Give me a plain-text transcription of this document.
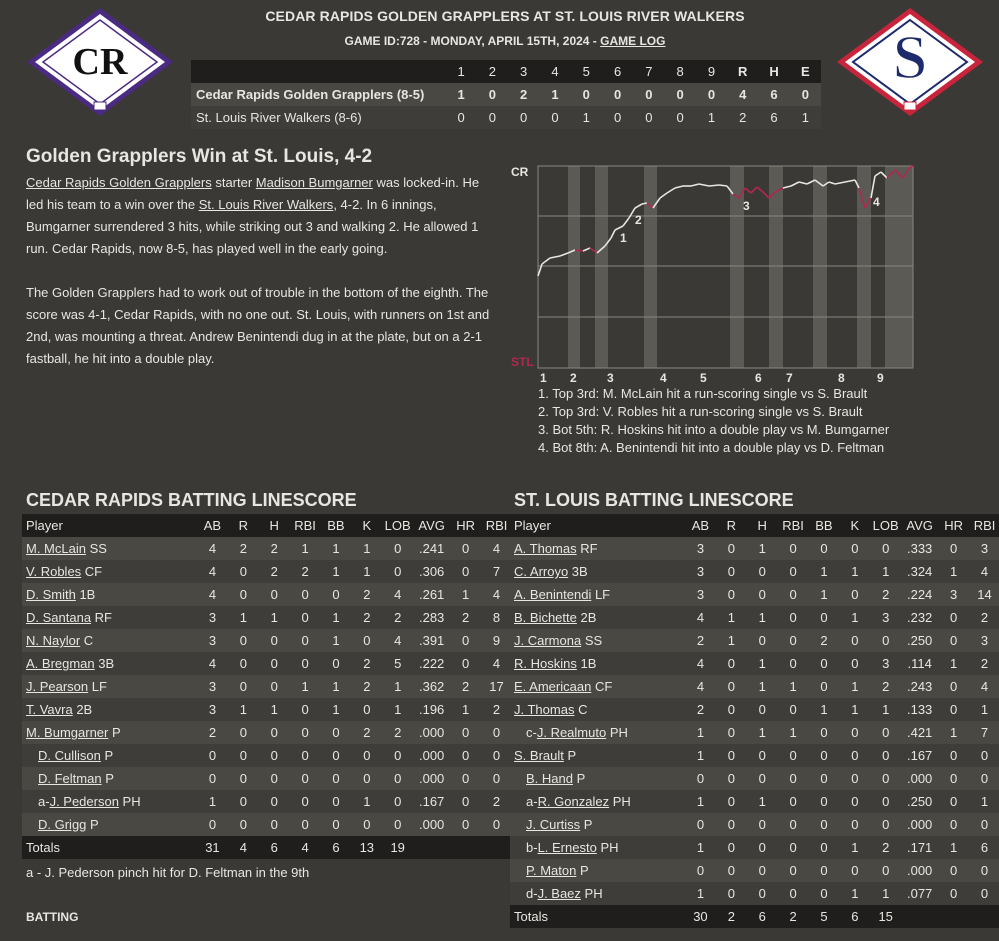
CR	S
CEDAR RAPIDS GOLDEN GRAPPLERS AT ST. LOUIS RIVER WALKERS
GAME ID:728 - MONDAY, APRIL 15TH, 2024 - GAME LOG
	1	2	3	4	5	6	7	8	9	R	H	E
Cedar Rapids Golden Grapplers (8-5)	1	0	2	1	0	0	0	0	0	4	6	0
St. Louis River Walkers (8-6)	0	0	0	0	1	0	0	0	1	2	6	1
Golden Grapplers Win at St. Louis, 4-2

Cedar Rapids Golden Grapplers starter Madison Bumgarner was locked-in. He led his team to a win over the St. Louis River Walkers, 4-2. In 6 innings, Bumgarner surrendered 3 hits, while striking out 3 and walking 2. He allowed 1 run. Cedar Rapids, now 8-5, has played well in the early going.

The Golden Grapplers had to work out of trouble in the bottom of the eighth. The score was 4-1, Cedar Rapids, with no one out. St. Louis, with runners on 1st and 2nd, was mounting a threat. Andrew Benintendi dug in at the plate, but on a 2-1 fastball, he hit into a double play.

1
2
3	4
CR
STL
1 2	3	4	5	6 7	8	9
1. Top 3rd: M. McLain hit a run-scoring single vs S. Brault
2. Top 3rd: V. Robles hit a run-scoring single vs S. Brault
3. Bot 5th: R. Hoskins hit into a double play vs M. Bumgarner
4. Bot 8th: A. Benintendi hit into a double play vs D. Feltman
CEDAR RAPIDS BATTING LINESCORE
Player	AB	R	H	RBI	BB	K	LOB	AVG	HR	RBI
M. McLain SS	4	2	2	1	1	1	0	.241	0	4
V. Robles CF	4	0	2	2	1	1	0	.306	0	7
D. Smith 1B	4	0	0	0	0	2	4	.261	1	4
D. Santana RF	3	1	1	0	1	2	2	.283	2	8
N. Naylor C	3	0	0	0	1	0	4	.391	0	9
A. Bregman 3B	4	0	0	0	0	2	5	.222	0	4
J. Pearson LF	3	0	0	1	1	2	1	.362	2	17
T. Vavra 2B	3	1	1	0	1	0	1	.196	1	2
M. Bumgarner P	2	0	0	0	0	2	2	.000	0	0
D. Cullison P	0	0	0	0	0	0	0	.000	0	0
D. Feltman P	0	0	0	0	0	0	0	.000	0	0
a-J. Pederson PH	1	0	0	0	0	1	0	.167	0	2
D. Grigg P	0	0	0	0	0	0	0	.000	0	0
Totals	31	4	6	4	6	13	19			
ST. LOUIS BATTING LINESCORE
Player	AB	R	H	RBI	BB	K	LOB	AVG	HR	RBI
A. Thomas RF	3	0	1	0	0	0	0	.333	0	3
C. Arroyo 3B	3	0	0	0	1	1	1	.324	1	4
A. Benintendi LF	3	0	0	0	1	0	2	.224	3	14
B. Bichette 2B	4	1	1	0	0	1	3	.232	0	2
J. Carmona SS	2	1	0	0	2	0	0	.250	0	3
R. Hoskins 1B	4	0	1	0	0	0	3	.114	1	2
E. Americaan CF	4	0	1	1	0	1	2	.243	0	4
J. Thomas C	2	0	0	0	1	1	1	.133	0	1
c-J. Realmuto PH	1	0	1	1	0	0	0	.421	1	7
S. Brault P	1	0	0	0	0	0	0	.167	0	0
B. Hand P	0	0	0	0	0	0	0	.000	0	0
a-R. Gonzalez PH	1	0	1	0	0	0	0	.250	0	1
J. Curtiss P	0	0	0	0	0	0	0	.000	0	0
b-L. Ernesto PH	1	0	0	0	0	1	2	.171	1	6
P. Maton P	0	0	0	0	0	0	0	.000	0	0
d-J. Baez PH	1	0	0	0	0	1	1	.077	0	0
Totals	30	2	6	2	5	6	15			
a - J. Pederson pinch hit for D. Feltman in the 9th
BATTING
